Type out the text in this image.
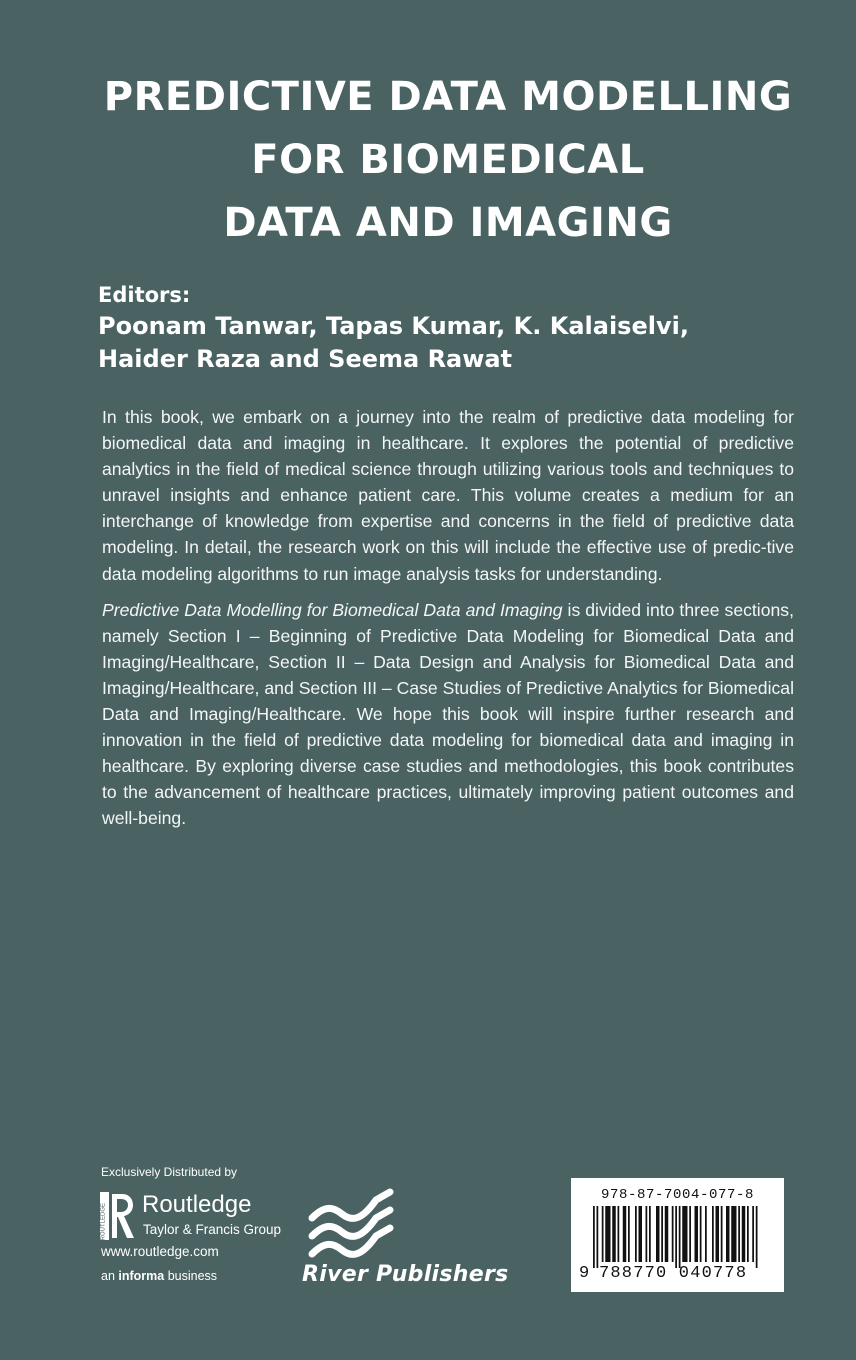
PREDICTIVE DATA MODELLING
FOR BIOMEDICAL
DATA AND IMAGING
Editors:
Poonam Tanwar, Tapas Kumar, K. Kalaiselvi,
Haider Raza and Seema Rawat

In this book, we embark on a journey into the realm of predictive data modeling for biomedical data and imaging in healthcare. It explores the potential of predictive analytics in the field of medical science through utilizing various tools and techniques to unravel insights and enhance patient care. This volume creates a medium for an interchange of knowledge from expertise and concerns in the field of predictive data modeling. In detail, the research work on this will include the effective use of predic-tive data modeling algorithms to run image analysis tasks for understanding.

Predictive Data Modelling for Biomedical Data and Imaging is divided into three sections, namely Section I – Beginning of Predictive Data Modeling for Biomedical Data and Imaging/Healthcare, Section II – Data Design and Analysis for Biomedical Data and Imaging/Healthcare, and Section III – Case Studies of Predictive Analytics for Biomedical Data and Imaging/Healthcare. We hope this book will inspire further research and innovation in the field of predictive data modeling for biomedical data and imaging in healthcare. By exploring diverse case studies and methodologies, this book contributes to the advancement of healthcare practices, ultimately improving patient outcomes and well-being.

Exclusively Distributed by
ROUTLEDGE Routledge
Taylor & Francis Group
www.routledge.com
an informa business	River Publishers
978-87-7004-077-8
9 788770 040778
